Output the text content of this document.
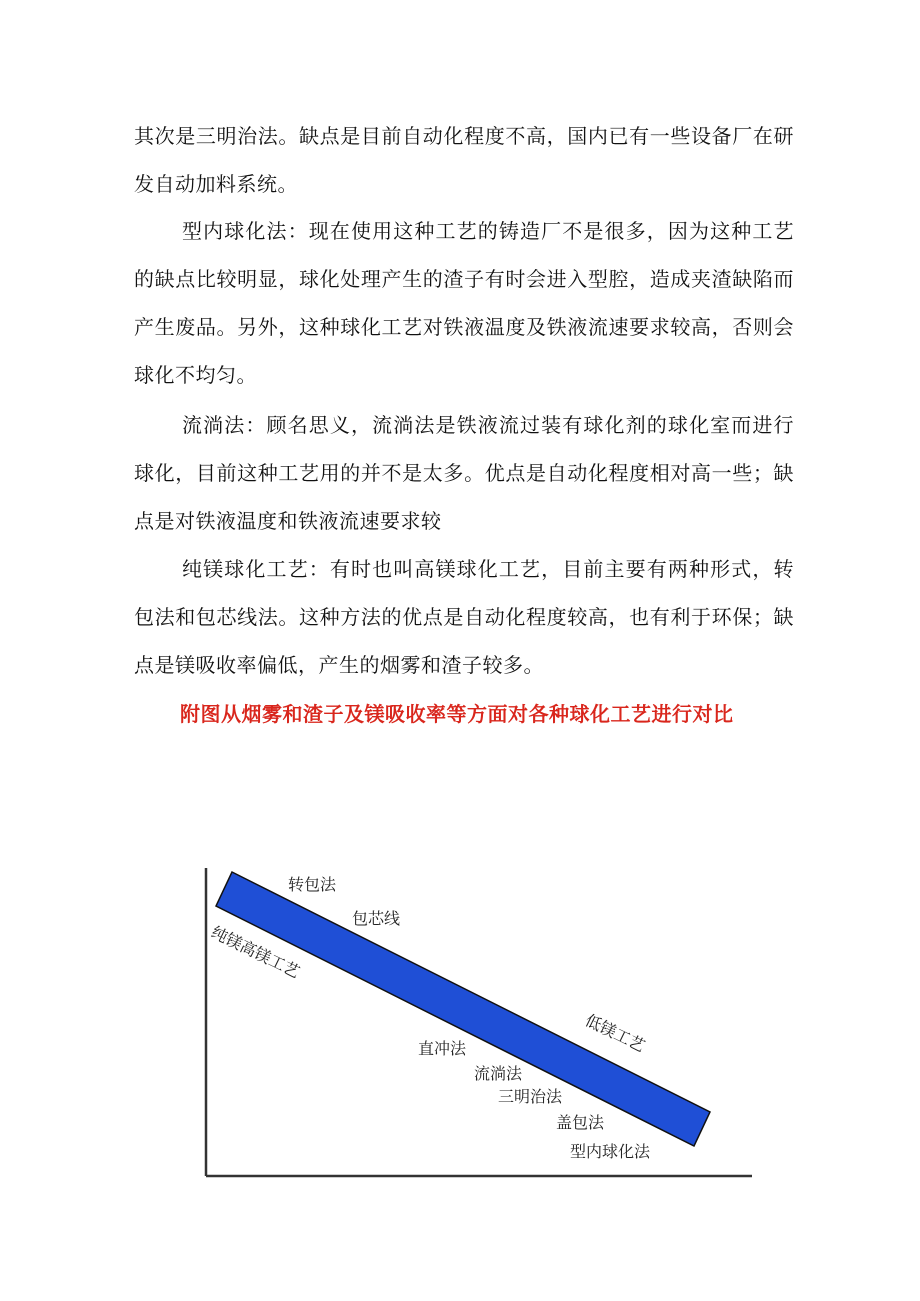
其次是三明治法。缺点是目前自动化程度不高，国内已有一些设备厂在研发自动加料系统。

型内球化法：现在使用这种工艺的铸造厂不是很多，因为这种工艺的缺点比较明显，球化处理产生的渣子有时会进入型腔，造成夹渣缺陷而产生废品。另外，这种球化工艺对铁液温度及铁液流速要求较高，否则会球化不均匀。

流淌法：顾名思义，流淌法是铁液流过装有球化剂的球化室而进行球化，目前这种工艺用的并不是太多。优点是自动化程度相对高一些；缺点是对铁液温度和铁液流速要求较

纯镁球化工艺：有时也叫高镁球化工艺，目前主要有两种形式，转包法和包芯线法。这种方法的优点是自动化程度较高，也有利于环保；缺点是镁吸收率偏低，产生的烟雾和渣子较多。

附图从烟雾和渣子及镁吸收率等方面对各种球化工艺进行对比

转包法
包芯线
纯镁高镁工艺
低镁工艺
直冲法
流淌法
三明治法
盖包法
型内球化法
